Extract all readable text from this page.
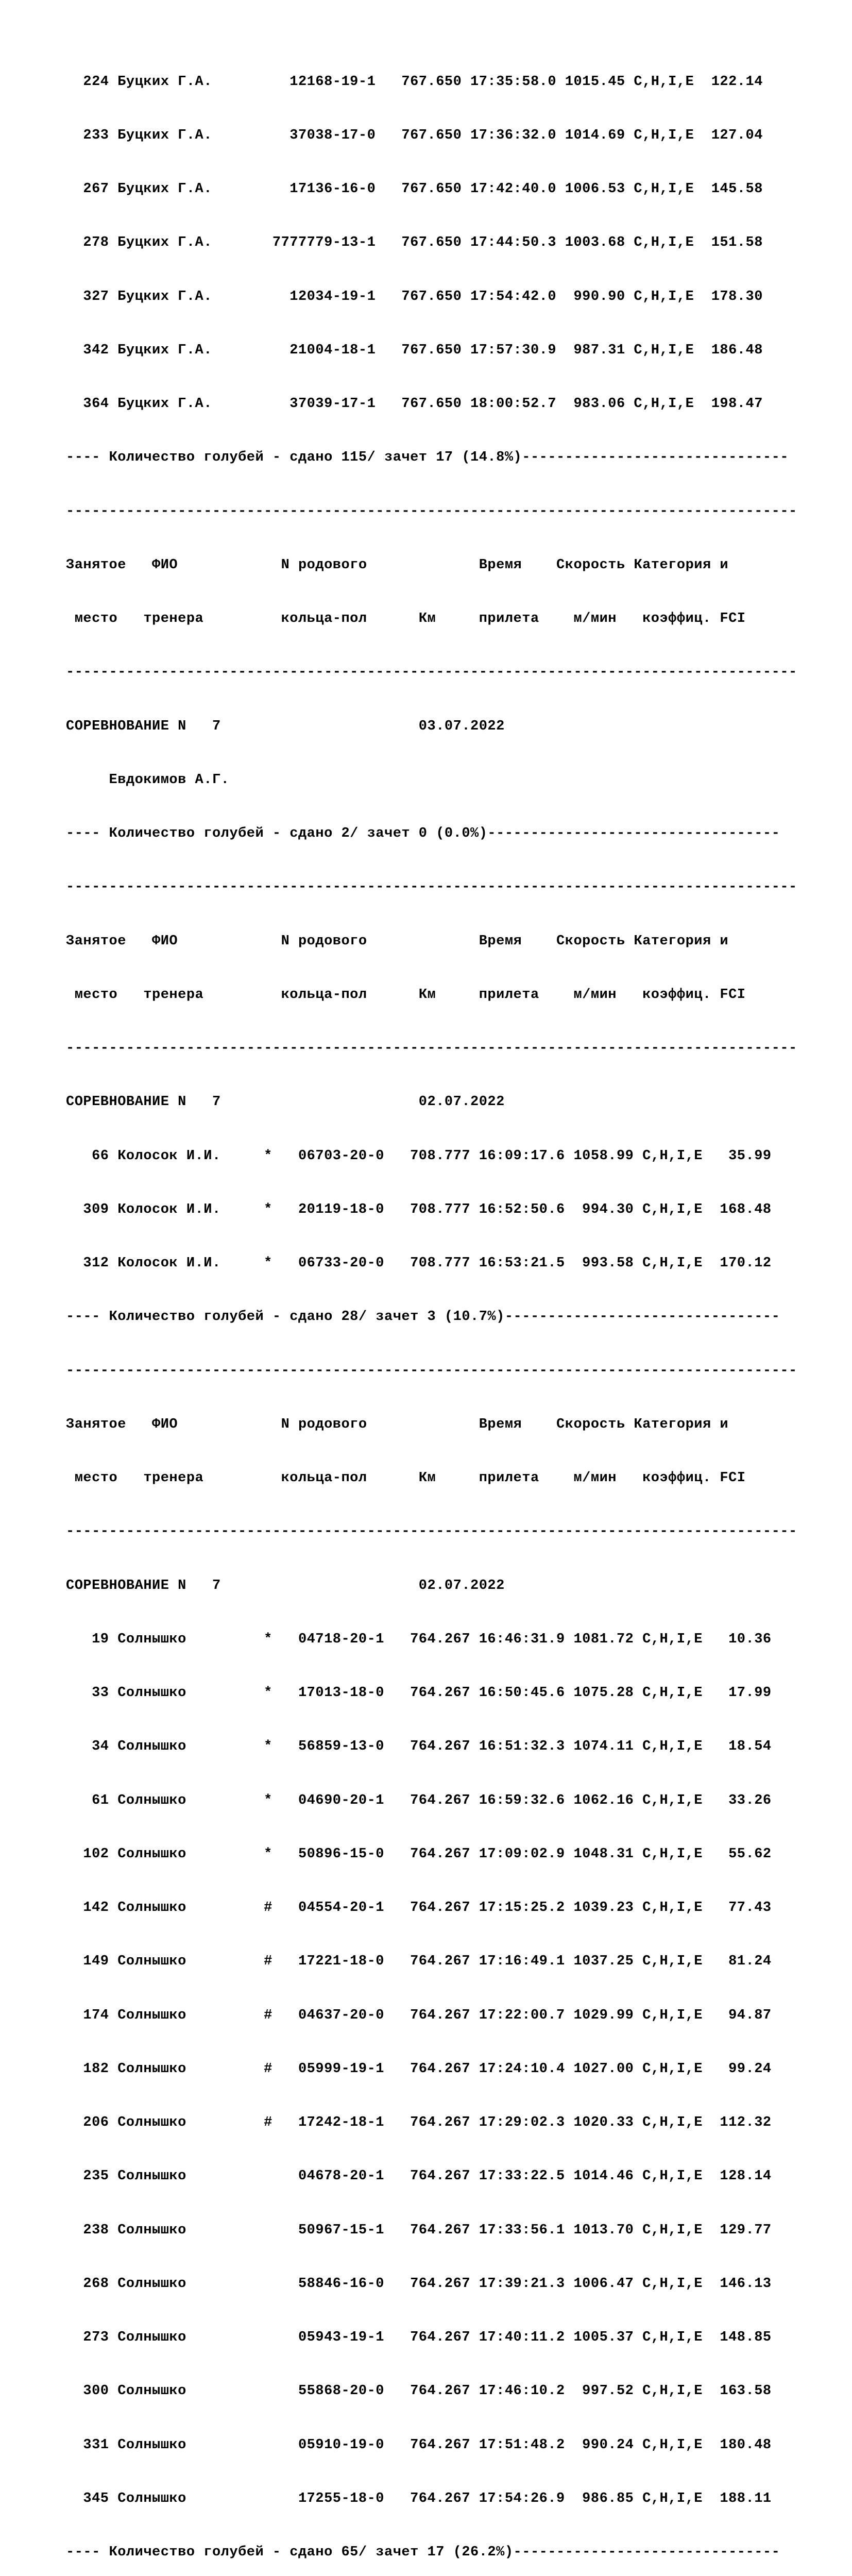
224 Буцких Г.А.         12168-19-1   767.650 17:35:58.0 1015.45 C,H,I,E  122.14

233 Буцких Г.А.         37038-17-0   767.650 17:36:32.0 1014.69 C,H,I,E  127.04

267 Буцких Г.А.         17136-16-0   767.650 17:42:40.0 1006.53 C,H,I,E  145.58

278 Буцких Г.А.       7777779-13-1   767.650 17:44:50.3 1003.68 C,H,I,E  151.58

327 Буцких Г.А.         12034-19-1   767.650 17:54:42.0  990.90 C,H,I,E  178.30

342 Буцких Г.А.         21004-18-1   767.650 17:57:30.9  987.31 C,H,I,E  186.48

364 Буцких Г.А.         37039-17-1   767.650 18:00:52.7  983.06 C,H,I,E  198.47

---- Количество голубей - сдано 115/ зачет 17 (14.8%)-------------------------------

-------------------------------------------------------------------------------------

Занятое   ФИО            N родового             Время    Скорость Категория и

место   тренера         кольца-пол      Км     прилета    м/мин   коэффиц. FCI

-------------------------------------------------------------------------------------

СОРЕВНОВАНИЕ N   7                       03.07.2022

Евдокимов А.Г.

---- Количество голубей - сдано 2/ зачет 0 (0.0%)----------------------------------

-------------------------------------------------------------------------------------

Занятое   ФИО            N родового             Время    Скорость Категория и

место   тренера         кольца-пол      Км     прилета    м/мин   коэффиц. FCI

-------------------------------------------------------------------------------------

СОРЕВНОВАНИЕ N   7                       02.07.2022

66 Колосок И.И.     *   06703-20-0   708.777 16:09:17.6 1058.99 C,H,I,E   35.99

309 Колосок И.И.     *   20119-18-0   708.777 16:52:50.6  994.30 C,H,I,E  168.48

312 Колосок И.И.     *   06733-20-0   708.777 16:53:21.5  993.58 C,H,I,E  170.12

---- Количество голубей - сдано 28/ зачет 3 (10.7%)--------------------------------

-------------------------------------------------------------------------------------

Занятое   ФИО            N родового             Время    Скорость Категория и

место   тренера         кольца-пол      Км     прилета    м/мин   коэффиц. FCI

-------------------------------------------------------------------------------------

СОРЕВНОВАНИЕ N   7                       02.07.2022

19 Солнышко         *   04718-20-1   764.267 16:46:31.9 1081.72 C,H,I,E   10.36

33 Солнышко         *   17013-18-0   764.267 16:50:45.6 1075.28 C,H,I,E   17.99

34 Солнышко         *   56859-13-0   764.267 16:51:32.3 1074.11 C,H,I,E   18.54

61 Солнышко         *   04690-20-1   764.267 16:59:32.6 1062.16 C,H,I,E   33.26

102 Солнышко         *   50896-15-0   764.267 17:09:02.9 1048.31 C,H,I,E   55.62

142 Солнышко         #   04554-20-1   764.267 17:15:25.2 1039.23 C,H,I,E   77.43

149 Солнышко         #   17221-18-0   764.267 17:16:49.1 1037.25 C,H,I,E   81.24

174 Солнышко         #   04637-20-0   764.267 17:22:00.7 1029.99 C,H,I,E   94.87

182 Солнышко         #   05999-19-1   764.267 17:24:10.4 1027.00 C,H,I,E   99.24

206 Солнышко         #   17242-18-1   764.267 17:29:02.3 1020.33 C,H,I,E  112.32

235 Солнышко             04678-20-1   764.267 17:33:22.5 1014.46 C,H,I,E  128.14

238 Солнышко             50967-15-1   764.267 17:33:56.1 1013.70 C,H,I,E  129.77

268 Солнышко             58846-16-0   764.267 17:39:21.3 1006.47 C,H,I,E  146.13

273 Солнышко             05943-19-1   764.267 17:40:11.2 1005.37 C,H,I,E  148.85

300 Солнышко             55868-20-0   764.267 17:46:10.2  997.52 C,H,I,E  163.58

331 Солнышко             05910-19-0   764.267 17:51:48.2  990.24 C,H,I,E  180.48

345 Солнышко             17255-18-0   764.267 17:54:26.9  986.85 C,H,I,E  188.11

---- Количество голубей - сдано 65/ зачет 17 (26.2%)-------------------------------
